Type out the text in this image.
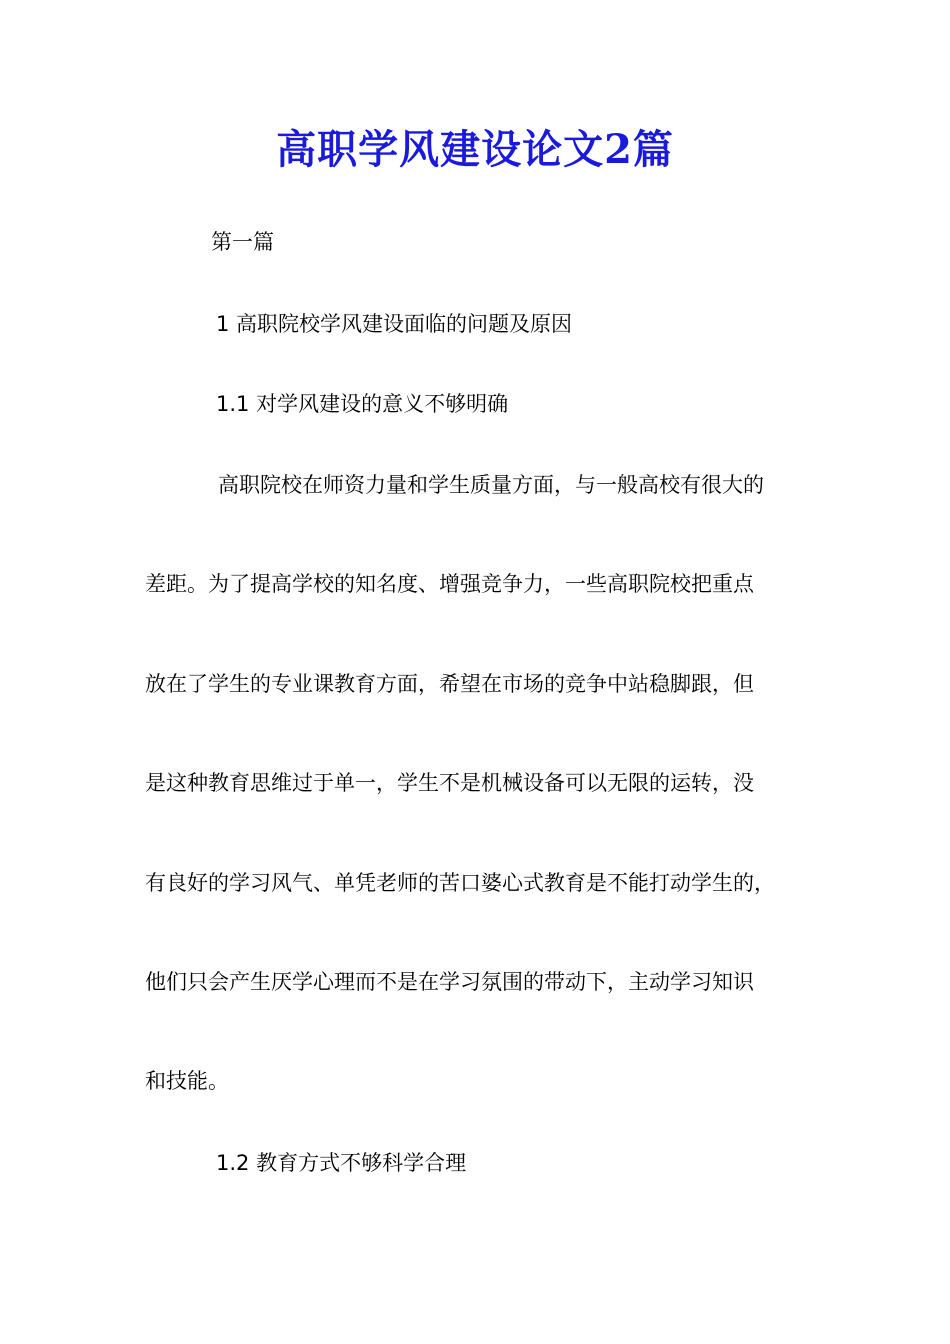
高职学风建设论文2篇
第一篇
1 高职院校学风建设面临的问题及原因
1.1 对学风建设的意义不够明确
高职院校在师资力量和学生质量方面，与一般高校有很大的
差距。为了提高学校的知名度、增强竞争力，一些高职院校把重点
放在了学生的专业课教育方面，希望在市场的竞争中站稳脚跟，但
是这种教育思维过于单一，学生不是机械设备可以无限的运转，没
有良好的学习风气、单凭老师的苦口婆心式教育是不能打动学生的，
他们只会产生厌学心理而不是在学习氛围的带动下，主动学习知识
和技能。
1.2 教育方式不够科学合理
